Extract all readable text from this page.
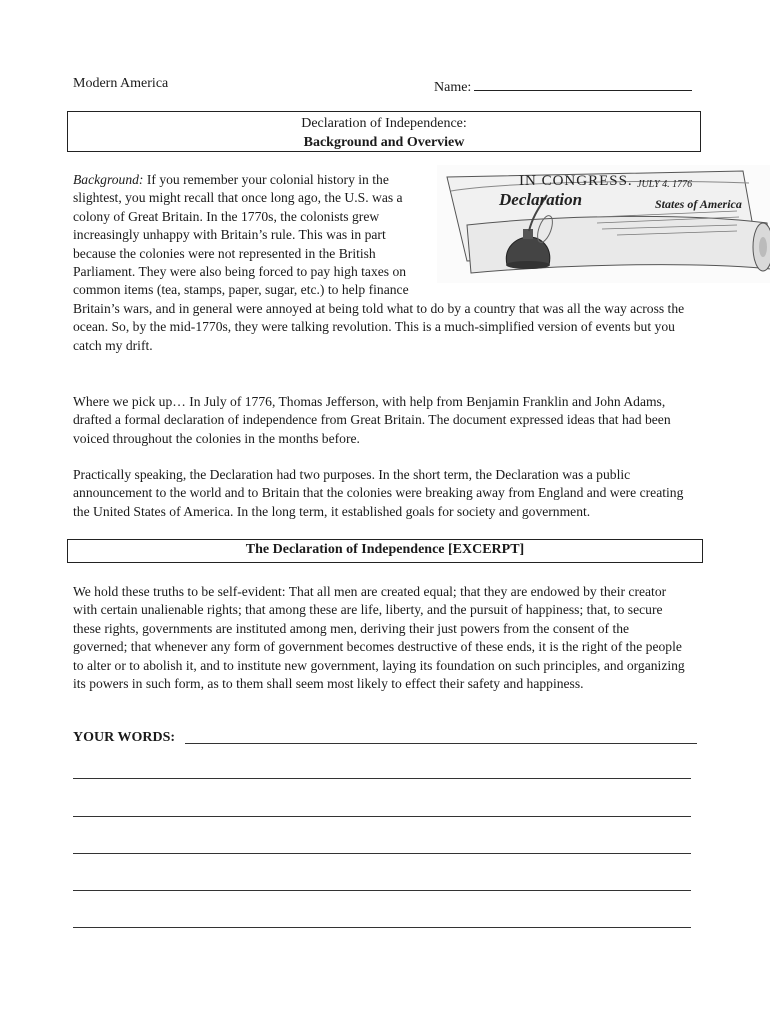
Modern America	Name:
Declaration of Independence:
Background and Overview
IN CONGRESS. JULY 4. 1776
Declaration	States of America
Background: If you remember your colonial history in the slightest, you might recall that once long ago, the U.S. was a colony of Great Britain. In the 1770s, the colonists grew increasingly unhappy with Britain’s rule. This was in part because the colonies were not represented in the British Parliament. They were also being forced to pay high taxes on common items (tea, stamps, paper, sugar, etc.) to help finance Britain’s wars, and in general were annoyed at being told what to do by a country that was all the way across the ocean. So, by the mid-1770s, they were talking revolution. This is a much-simplified version of events but you catch my drift.
Where we pick up… In July of 1776, Thomas Jefferson, with help from Benjamin Franklin and John Adams, drafted a formal declaration of independence from Great Britain. The document expressed ideas that had been voiced throughout the colonies in the months before.
Practically speaking, the Declaration had two purposes. In the short term, the Declaration was a public announcement to the world and to Britain that the colonies were breaking away from England and were creating the United States of America. In the long term, it established goals for society and government.
The Declaration of Independence [EXCERPT]
We hold these truths to be self-evident: That all men are created equal; that they are endowed by their creator with certain unalienable rights; that among these are life, liberty, and the pursuit of happiness; that, to secure these rights, governments are instituted among men, deriving their just powers from the consent of the governed; that whenever any form of government becomes destructive of these ends, it is the right of the people to alter or to abolish it, and to institute new government, laying its foundation on such principles, and organizing its powers in such form, as to them shall seem most likely to effect their safety and happiness.
YOUR WORDS:
